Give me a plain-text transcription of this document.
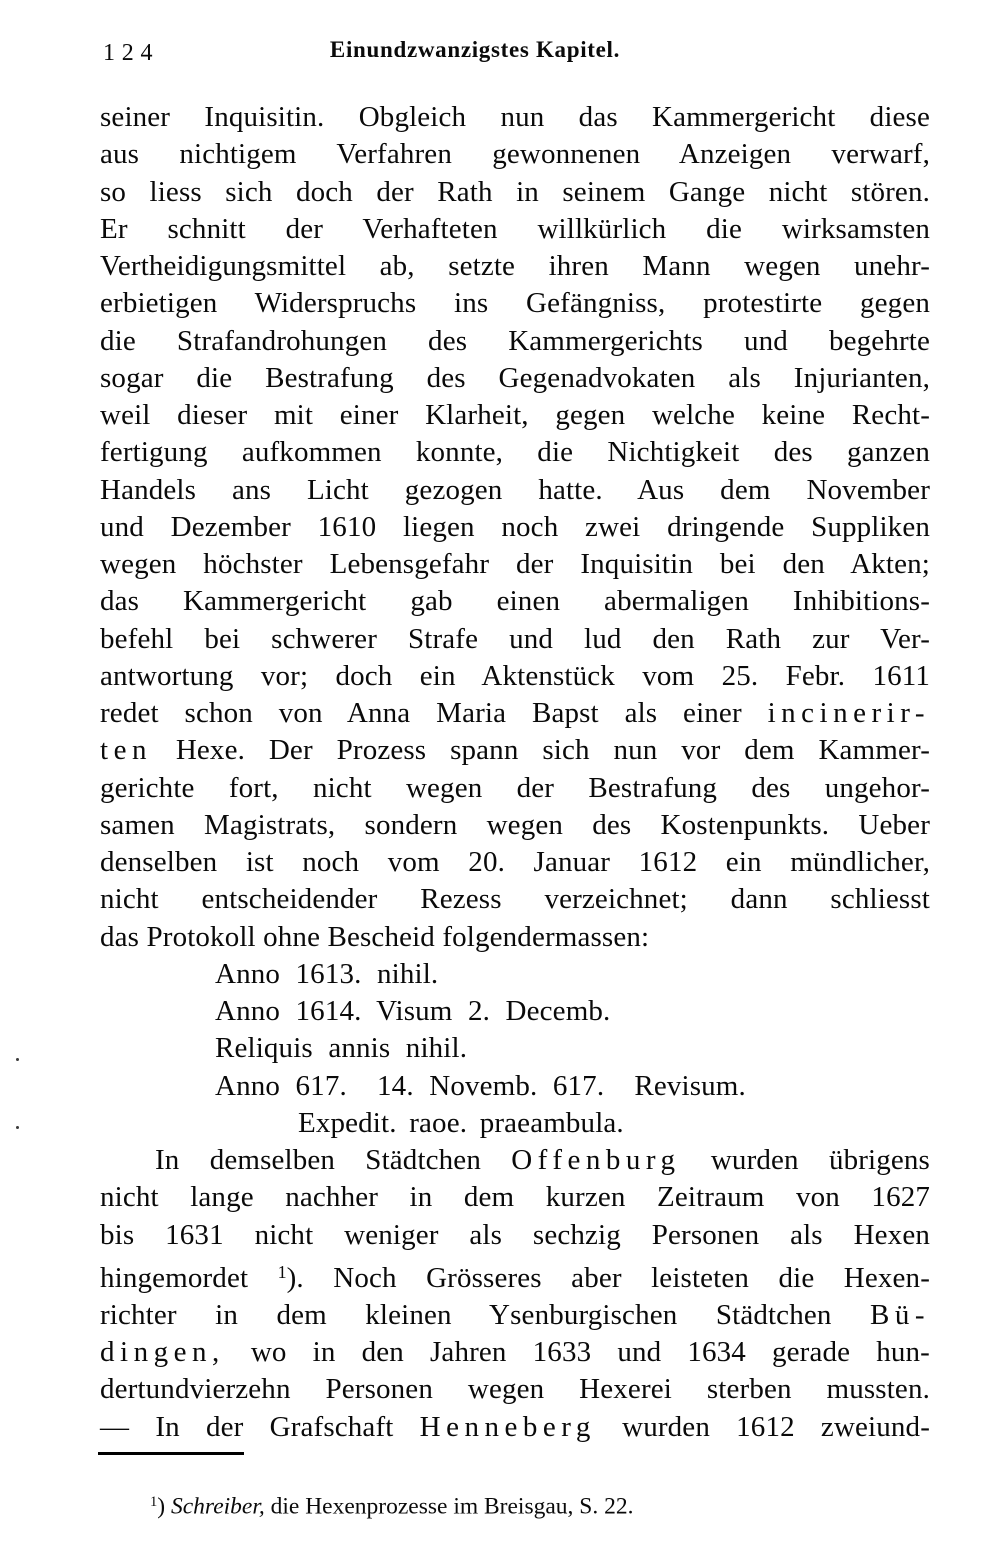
124	Einundzwanzigstes Kapitel.
seiner Inquisitin. Obgleich nun das Kammergericht diese
aus nichtigem Verfahren gewonnenen Anzeigen verwarf,
so liess sich doch der Rath in seinem Gange nicht stören.
Er schnitt der Verhafteten willkürlich die wirksamsten
Vertheidigungsmittel ab, setzte ihren Mann wegen unehr-
erbietigen Widerspruchs ins Gefängniss, protestirte gegen
die Strafandrohungen des Kammergerichts und begehrte
sogar die Bestrafung des Gegenadvokaten als Injurianten,
weil dieser mit einer Klarheit, gegen welche keine Recht-
fertigung aufkommen konnte, die Nichtigkeit des ganzen
Handels ans Licht gezogen hatte. Aus dem November
und Dezember 1610 liegen noch zwei dringende Suppliken
wegen höchster Lebensgefahr der Inquisitin bei den Akten;
das Kammergericht gab einen abermaligen Inhibitions-
befehl bei schwerer Strafe und lud den Rath zur Ver-
antwortung vor; doch ein Aktenstück vom 25. Febr. 1611
redet schon von Anna Maria Bapst als einer incinerir-
ten Hexe. Der Prozess spann sich nun vor dem Kammer-
gerichte fort, nicht wegen der Bestrafung des ungehor-
samen Magistrats, sondern wegen des Kostenpunkts. Ueber
denselben ist noch vom 20. Januar 1612 ein mündlicher,
nicht entscheidender Rezess verzeichnet; dann schliesst
das Protokoll ohne Bescheid folgendermassen:
Anno 1613. nihil.
Anno 1614. Visum 2. Decemb.
Reliquis annis nihil.
Anno 617.  14. Novemb. 617.  Revisum.
Expedit. raoe. praeambula.
In demselben Städtchen Offenburg wurden übrigens
nicht lange nachher in dem kurzen Zeitraum von 1627
bis 1631 nicht weniger als sechzig Personen als Hexen
hingemordet $^1$). Noch Grösseres aber leisteten die Hexen-
richter in dem kleinen Ysenburgischen Städtchen Bü-
dingen, wo in den Jahren 1633 und 1634 gerade hun-
dertundvierzehn Personen wegen Hexerei sterben mussten.
— In der Grafschaft Henneberg wurden 1612 zweiund-
$^1$) Schreiber, die Hexenprozesse im Breisgau, S. 22.
